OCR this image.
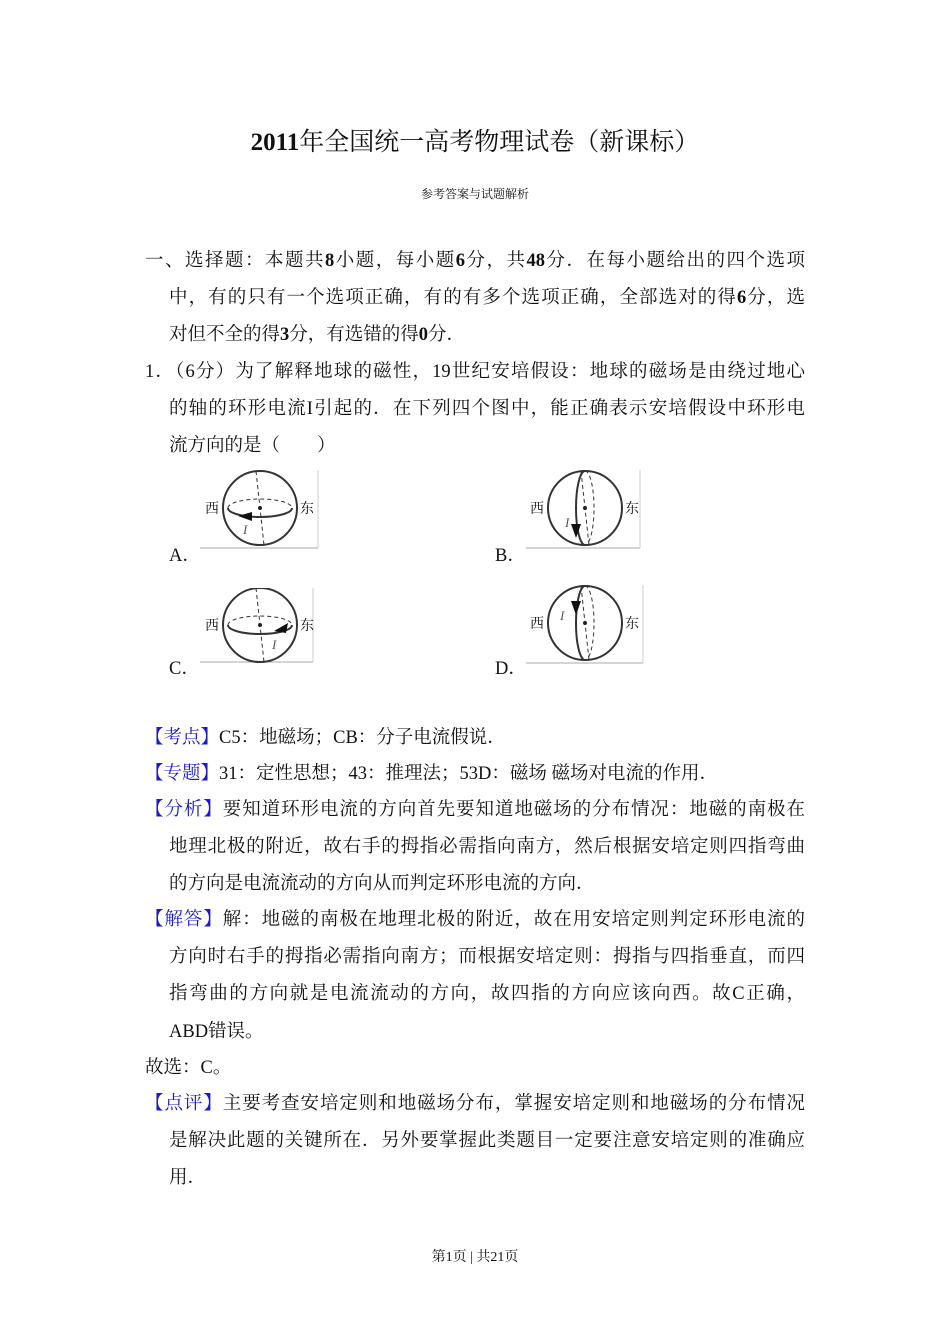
2011年全国统一高考物理试卷（新课标）
参考答案与试题解析
一、选择题：本题共8小题，每小题6分，共48分．在每小题给出的四个选项
中，有的只有一个选项正确，有的有多个选项正确，全部选对的得6分，选
对但不全的得3分，有选错的得0分．
1．（6分）为了解释地球的磁性，19世纪安培假设：地球的磁场是由绕过地心
的轴的环形电流I引起的．在下列四个图中，能正确表示安培假设中环形电
流方向的是（　　）
A．
西	东
I
B．
西	东
I
C．
西	东
I
D．
西	东
I
【考点】C5：地磁场；CB：分子电流假说．
【专题】31：定性思想；43：推理法；53D：磁场 磁场对电流的作用．
【分析】要知道环形电流的方向首先要知道地磁场的分布情况：地磁的南极在
地理北极的附近，故右手的拇指必需指向南方，然后根据安培定则四指弯曲
的方向是电流流动的方向从而判定环形电流的方向．
【解答】解：地磁的南极在地理北极的附近，故在用安培定则判定环形电流的
方向时右手的拇指必需指向南方；而根据安培定则：拇指与四指垂直，而四
指弯曲的方向就是电流流动的方向，故四指的方向应该向西。故C正确，
ABD错误。
故选：C。
【点评】主要考查安培定则和地磁场分布，掌握安培定则和地磁场的分布情况
是解决此题的关键所在．另外要掌握此类题目一定要注意安培定则的准确应
用．
第1页 | 共21页
